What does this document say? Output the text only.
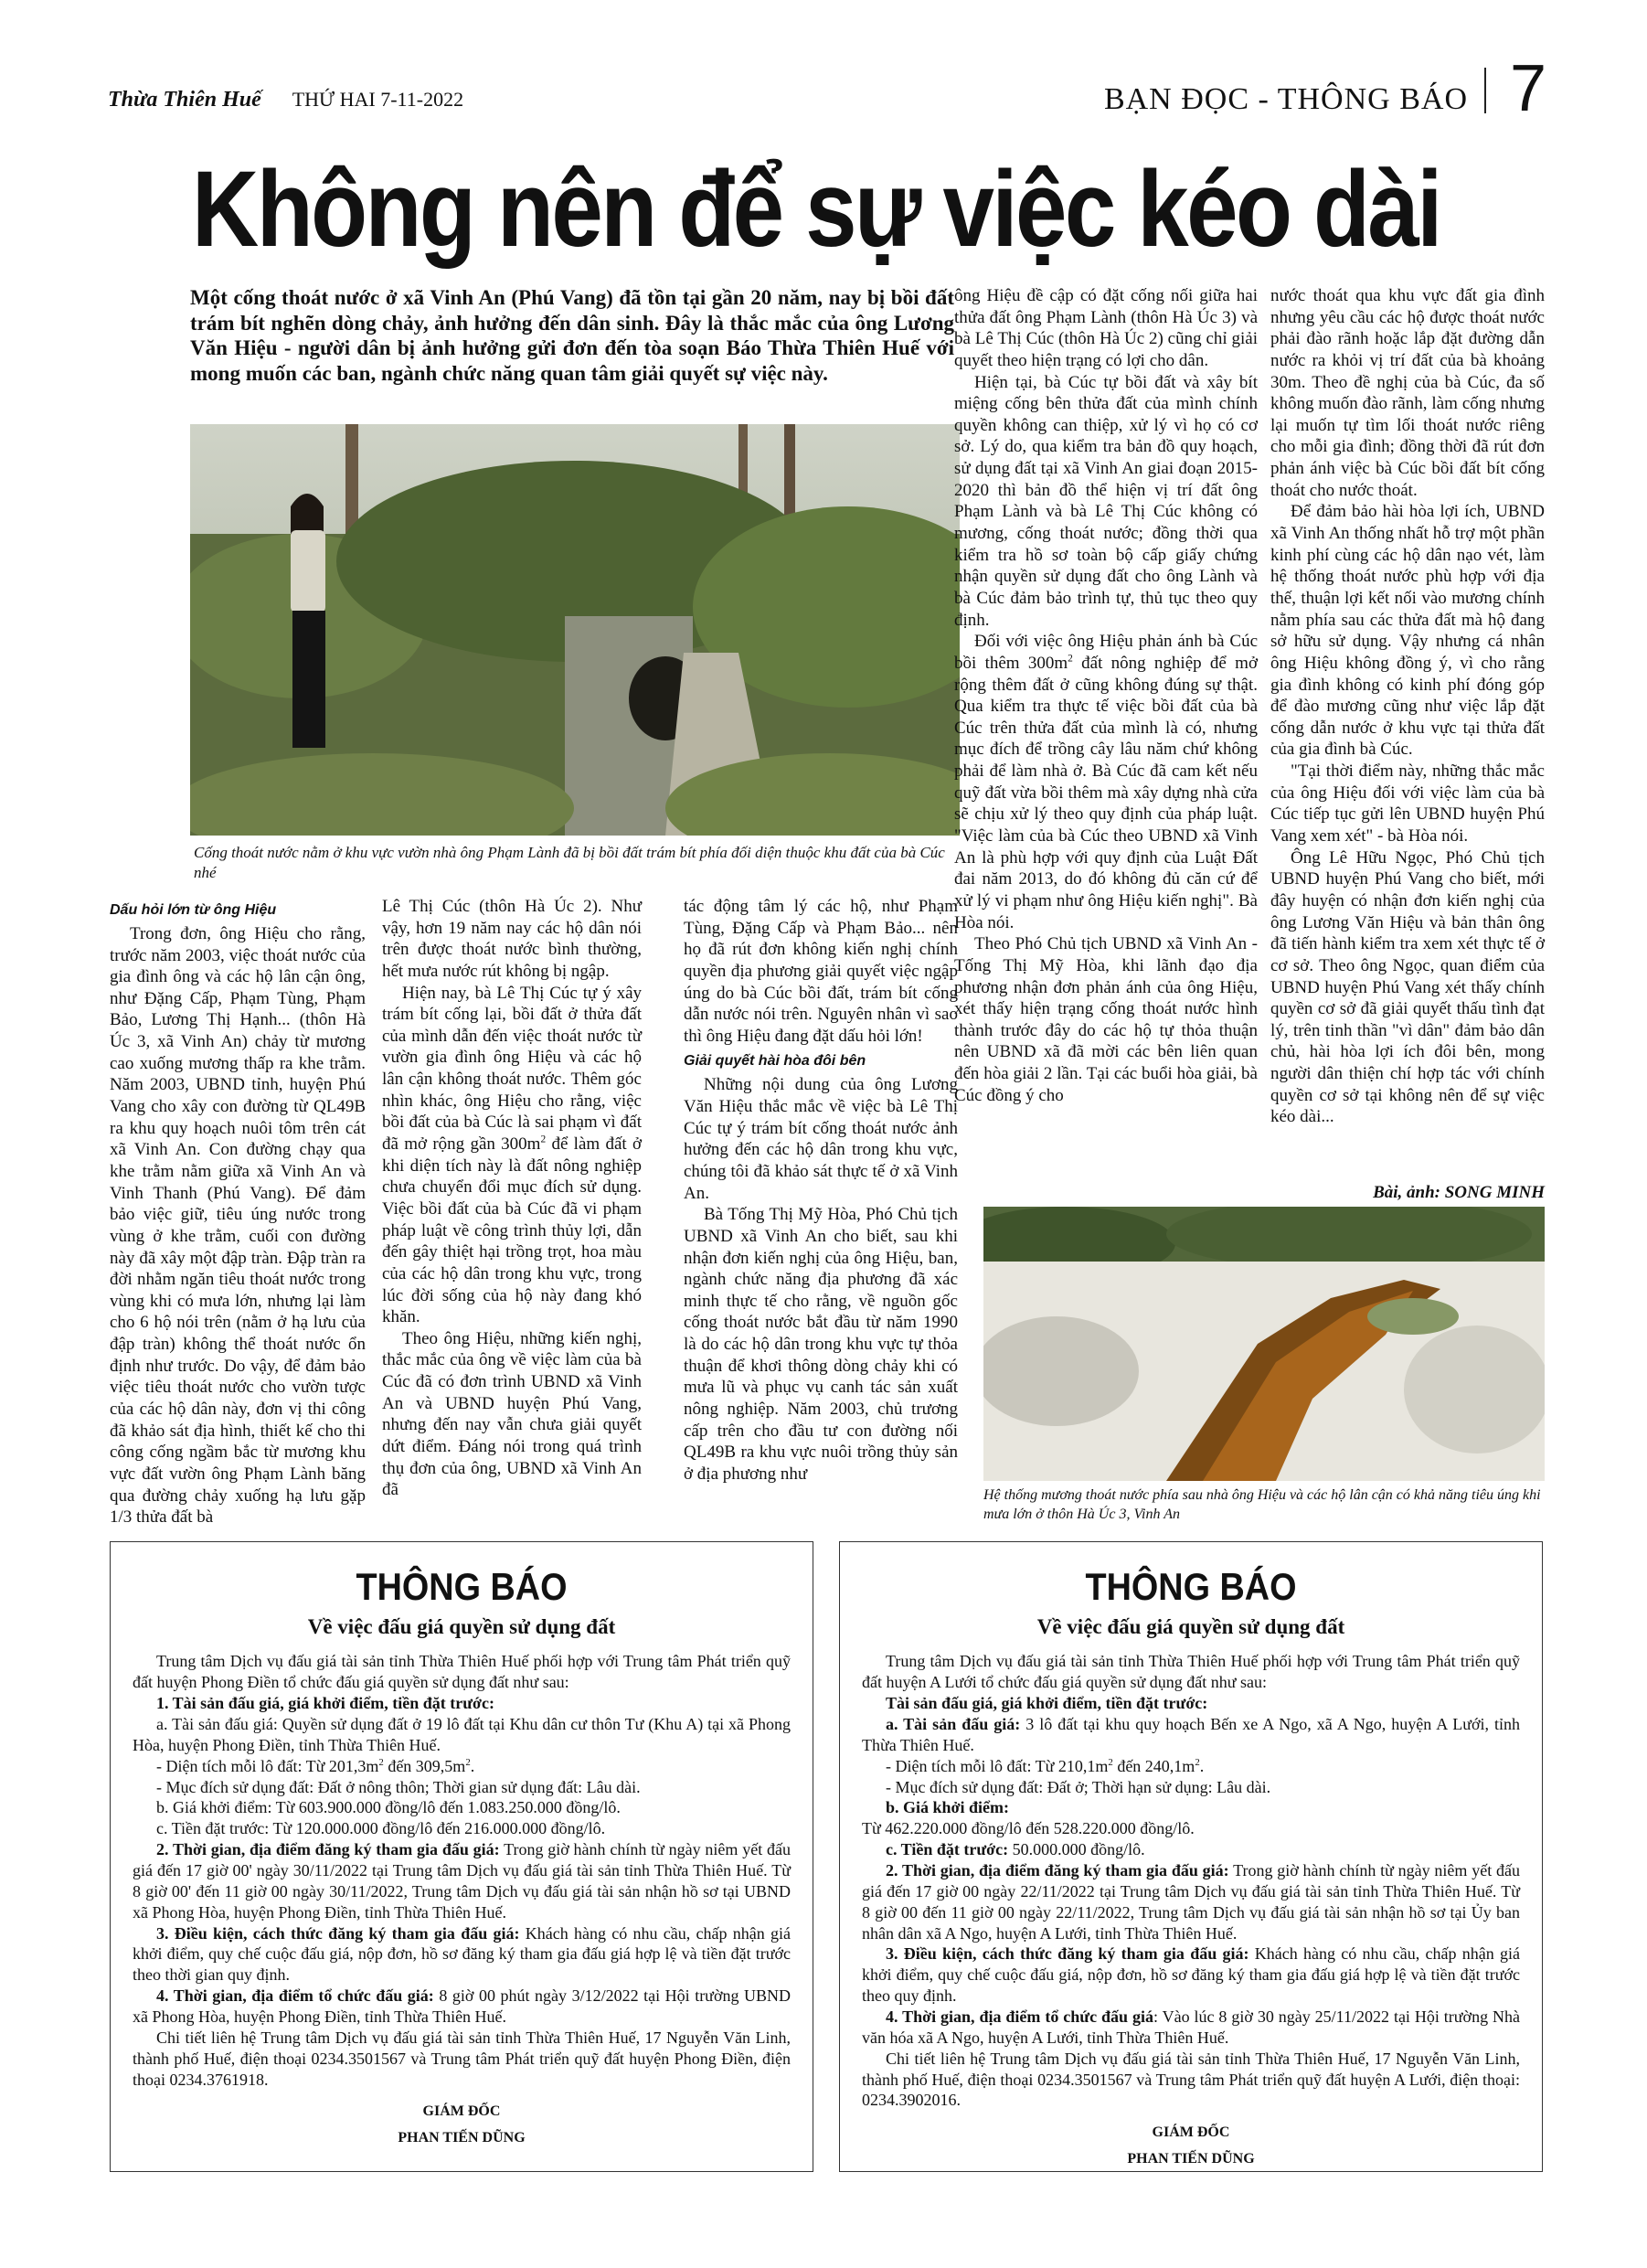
Thừa Thiên Huế THỨ HAI 7-11-2022	BẠN ĐỌC - THÔNG BÁO 7
Không nên để sự việc kéo dài
Một cống thoát nước ở xã Vinh An (Phú Vang) đã tồn tại gần 20 năm, nay bị bồi đất trám bít nghẽn dòng chảy, ảnh hưởng đến dân sinh. Đây là thắc mắc của ông Lương Văn Hiệu - người dân bị ảnh hưởng gửi đơn đến tòa soạn Báo Thừa Thiên Huế với mong muốn các ban, ngành chức năng quan tâm giải quyết sự việc này.
Cống thoát nước nằm ở khu vực vườn nhà ông Phạm Lành đã bị bồi đất trám bít phía đối diện thuộc khu đất của bà Cúc nhé
Dấu hỏi lớn từ ông Hiệu

Trong đơn, ông Hiệu cho rằng, trước năm 2003, việc thoát nước của gia đình ông và các hộ lân cận ông, như Đặng Cấp, Phạm Tùng, Phạm Bảo, Lương Thị Hạnh... (thôn Hà Úc 3, xã Vinh An) chảy từ mương cao xuống mương thấp ra khe trằm. Năm 2003, UBND tỉnh, huyện Phú Vang cho xây con đường từ QL49B ra khu quy hoạch nuôi tôm trên cát xã Vinh An. Con đường chạy qua khe trằm nằm giữa xã Vinh An và Vinh Thanh (Phú Vang). Để đảm bảo việc giữ, tiêu úng nước trong vùng ở khe trằm, cuối con đường này đã xây một đập tràn. Đập tràn ra đời nhằm ngăn tiêu thoát nước trong vùng khi có mưa lớn, nhưng lại làm cho 6 hộ nói trên (nằm ở hạ lưu của đập tràn) không thể thoát nước ổn định như trước. Do vậy, để đảm bảo việc tiêu thoát nước cho vườn tược của các hộ dân này, đơn vị thi công đã khảo sát địa hình, thiết kế cho thi công cống ngầm bắc từ mương khu vực đất vườn ông Phạm Lành băng qua đường chảy xuống hạ lưu gặp 1/3 thửa đất bà

Lê Thị Cúc (thôn Hà Úc 2). Như vậy, hơn 19 năm nay các hộ dân nói trên được thoát nước bình thường, hết mưa nước rút không bị ngập.

Hiện nay, bà Lê Thị Cúc tự ý xây trám bít cống lại, bồi đất ở thửa đất của mình dẫn đến việc thoát nước từ vườn gia đình ông Hiệu và các hộ lân cận không thoát nước. Thêm góc nhìn khác, ông Hiệu cho rằng, việc bồi đất của bà Cúc là sai phạm vì đất đã mở rộng gần $300m^2$ để làm đất ở khi diện tích này là đất nông nghiệp chưa chuyển đổi mục đích sử dụng. Việc bồi đất của bà Cúc đã vi phạm pháp luật về công trình thủy lợi, dẫn đến gây thiệt hại trồng trọt, hoa màu của các hộ dân trong khu vực, trong lúc đời sống của hộ này đang khó khăn.

Theo ông Hiệu, những kiến nghị, thắc mắc của ông về việc làm của bà Cúc đã có đơn trình UBND xã Vinh An và UBND huyện Phú Vang, nhưng đến nay vẫn chưa giải quyết dứt điểm. Đáng nói trong quá trình thụ đơn của ông, UBND xã Vinh An đã

tác động tâm lý các hộ, như Phạm Tùng, Đặng Cấp và Phạm Bảo... nên họ đã rút đơn không kiến nghị chính quyền địa phương giải quyết việc ngập úng do bà Cúc bồi đất, trám bít cống dẫn nước nói trên. Nguyên nhân vì sao thì ông Hiệu đang đặt dấu hỏi lớn!

Giải quyết hài hòa đôi bên

Những nội dung của ông Lương Văn Hiệu thắc mắc về việc bà Lê Thị Cúc tự ý trám bít cống thoát nước ảnh hưởng đến các hộ dân trong khu vực, chúng tôi đã khảo sát thực tế ở xã Vinh An.

Bà Tống Thị Mỹ Hòa, Phó Chủ tịch UBND xã Vinh An cho biết, sau khi nhận đơn kiến nghị của ông Hiệu, ban, ngành chức năng địa phương đã xác minh thực tế cho rằng, về nguồn gốc cống thoát nước bắt đầu từ năm 1990 là do các hộ dân trong khu vực tự thỏa thuận để khơi thông dòng chảy khi có mưa lũ và phục vụ canh tác sản xuất nông nghiệp. Năm 2003, chủ trương cấp trên cho đầu tư con đường nối QL49B ra khu vực nuôi trồng thủy sản ở địa phương như

ông Hiệu đề cập có đặt cống nối giữa hai thửa đất ông Phạm Lành (thôn Hà Úc 3) và bà Lê Thị Cúc (thôn Hà Úc 2) cũng chỉ giải quyết theo hiện trạng có lợi cho dân.

Hiện tại, bà Cúc tự bồi đất và xây bít miệng cống bên thửa đất của mình chính quyền không can thiệp, xử lý vì họ có cơ sở. Lý do, qua kiểm tra bản đồ quy hoạch, sử dụng đất tại xã Vinh An giai đoạn 2015-2020 thì bản đồ thể hiện vị trí đất ông Phạm Lành và bà Lê Thị Cúc không có mương, cống thoát nước; đồng thời qua kiểm tra hồ sơ toàn bộ cấp giấy chứng nhận quyền sử dụng đất cho ông Lành và bà Cúc đảm bảo trình tự, thủ tục theo quy định.

Đối với việc ông Hiệu phản ánh bà Cúc bồi thêm $300m^2$ đất nông nghiệp để mở rộng thêm đất ở cũng không đúng sự thật. Qua kiểm tra thực tế việc bồi đất của bà Cúc trên thửa đất của mình là có, nhưng mục đích để trồng cây lâu năm chứ không phải để làm nhà ở. Bà Cúc đã cam kết nếu quỹ đất vừa bồi thêm mà xây dựng nhà cửa sẽ chịu xử lý theo quy định của pháp luật. "Việc làm của bà Cúc theo UBND xã Vinh An là phù hợp với quy định của Luật Đất đai năm 2013, do đó không đủ căn cứ để xử lý vi phạm như ông Hiệu kiến nghị". Bà Hòa nói.

Theo Phó Chủ tịch UBND xã Vinh An - Tống Thị Mỹ Hòa, khi lãnh đạo địa phương nhận đơn phản ánh của ông Hiệu, xét thấy hiện trạng cống thoát nước hình thành trước đây do các hộ tự thỏa thuận nên UBND xã đã mời các bên liên quan đến hòa giải 2 lần. Tại các buổi hòa giải, bà Cúc đồng ý cho

nước thoát qua khu vực đất gia đình nhưng yêu cầu các hộ được thoát nước phải đào rãnh hoặc lắp đặt đường dẫn nước ra khỏi vị trí đất của bà khoảng 30m. Theo đề nghị của bà Cúc, đa số không muốn đào rãnh, làm cống nhưng lại muốn tự tìm lối thoát nước riêng cho mỗi gia đình; đồng thời đã rút đơn phản ánh việc bà Cúc bồi đất bít cống thoát cho nước thoát.

Để đảm bảo hài hòa lợi ích, UBND xã Vinh An thống nhất hỗ trợ một phần kinh phí cùng các hộ dân nạo vét, làm hệ thống thoát nước phù hợp với địa thế, thuận lợi kết nối vào mương chính nằm phía sau các thửa đất mà hộ đang sở hữu sử dụng. Vậy nhưng cá nhân ông Hiệu không đồng ý, vì cho rằng gia đình không có kinh phí đóng góp để đào mương cũng như việc lắp đặt cống dẫn nước ở khu vực tại thửa đất của gia đình bà Cúc.

"Tại thời điểm này, những thắc mắc của ông Hiệu đối với việc làm của bà Cúc tiếp tục gửi lên UBND huyện Phú Vang xem xét" - bà Hòa nói.

Ông Lê Hữu Ngọc, Phó Chủ tịch UBND huyện Phú Vang cho biết, mới đây huyện có nhận đơn kiến nghị của ông Lương Văn Hiệu và bản thân ông đã tiến hành kiểm tra xem xét thực tế ở cơ sở. Theo ông Ngọc, quan điểm của UBND huyện Phú Vang xét thấy chính quyền cơ sở đã giải quyết thấu tình đạt lý, trên tinh thần "vì dân" đảm bảo dân chủ, hài hòa lợi ích đôi bên, mong người dân thiện chí hợp tác với chính quyền cơ sở tại không nên để sự việc kéo dài...

Bài, ảnh: SONG MINH
Hệ thống mương thoát nước phía sau nhà ông Hiệu và các hộ lân cận có khả năng tiêu úng khi mưa lớn ở thôn Hà Úc 3, Vinh An
THÔNG BÁO
Về việc đấu giá quyền sử dụng đất

Trung tâm Dịch vụ đấu giá tài sản tỉnh Thừa Thiên Huế phối hợp với Trung tâm Phát triển quỹ đất huyện Phong Điền tổ chức đấu giá quyền sử dụng đất như sau:

1. Tài sản đấu giá, giá khởi điểm, tiền đặt trước:

a. Tài sản đấu giá: Quyền sử dụng đất ở 19 lô đất tại Khu dân cư thôn Tư (Khu A) tại xã Phong Hòa, huyện Phong Điền, tỉnh Thừa Thiên Huế.

- Diện tích mỗi lô đất: Từ $201,3m^2$ đến $309,5m^2$.

- Mục đích sử dụng đất: Đất ở nông thôn; Thời gian sử dụng đất: Lâu dài.

b. Giá khởi điểm: Từ 603.900.000 đồng/lô đến 1.083.250.000 đồng/lô.

c. Tiền đặt trước: Từ 120.000.000 đồng/lô đến 216.000.000 đồng/lô.

2. Thời gian, địa điểm đăng ký tham gia đấu giá: Trong giờ hành chính từ ngày niêm yết đấu giá đến 17 giờ 00' ngày 30/11/2022 tại Trung tâm Dịch vụ đấu giá tài sản tỉnh Thừa Thiên Huế. Từ 8 giờ 00' đến 11 giờ 00 ngày 30/11/2022, Trung tâm Dịch vụ đấu giá tài sản nhận hồ sơ tại UBND xã Phong Hòa, huyện Phong Điền, tỉnh Thừa Thiên Huế.

3. Điều kiện, cách thức đăng ký tham gia đấu giá: Khách hàng có nhu cầu, chấp nhận giá khởi điểm, quy chế cuộc đấu giá, nộp đơn, hồ sơ đăng ký tham gia đấu giá hợp lệ và tiền đặt trước theo thời gian quy định.

4. Thời gian, địa điểm tổ chức đấu giá: 8 giờ 00 phút ngày 3/12/2022 tại Hội trường UBND xã Phong Hòa, huyện Phong Điền, tỉnh Thừa Thiên Huế.

Chi tiết liên hệ Trung tâm Dịch vụ đấu giá tài sản tỉnh Thừa Thiên Huế, 17 Nguyễn Văn Linh, thành phố Huế, điện thoại 0234.3501567 và Trung tâm Phát triển quỹ đất huyện Phong Điền, điện thoại 0234.3761918.

GIÁM ĐỐC
PHAN TIẾN DŨNG
THÔNG BÁO
Về việc đấu giá quyền sử dụng đất

Trung tâm Dịch vụ đấu giá tài sản tỉnh Thừa Thiên Huế phối hợp với Trung tâm Phát triển quỹ đất huyện A Lưới tổ chức đấu giá quyền sử dụng đất như sau:

Tài sản đấu giá, giá khởi điểm, tiền đặt trước:

a. Tài sản đấu giá: 3 lô đất tại khu quy hoạch Bến xe A Ngo, xã A Ngo, huyện A Lưới, tỉnh Thừa Thiên Huế.

- Diện tích mỗi lô đất: Từ $210,1m^2$ đến $240,1m^2$.

- Mục đích sử dụng đất: Đất ở; Thời hạn sử dụng: Lâu dài.

b. Giá khởi điểm:

Từ 462.220.000 đồng/lô đến 528.220.000 đồng/lô.

c. Tiền đặt trước: 50.000.000 đồng/lô.

2. Thời gian, địa điểm đăng ký tham gia đấu giá: Trong giờ hành chính từ ngày niêm yết đấu giá đến 17 giờ 00 ngày 22/11/2022 tại Trung tâm Dịch vụ đấu giá tài sản tỉnh Thừa Thiên Huế. Từ 8 giờ 00 đến 11 giờ 00 ngày 22/11/2022, Trung tâm Dịch vụ đấu giá tài sản nhận hồ sơ tại Ủy ban nhân dân xã A Ngo, huyện A Lưới, tỉnh Thừa Thiên Huế.

3. Điều kiện, cách thức đăng ký tham gia đấu giá: Khách hàng có nhu cầu, chấp nhận giá khởi điểm, quy chế cuộc đấu giá, nộp đơn, hồ sơ đăng ký tham gia đấu giá hợp lệ và tiền đặt trước theo quy định.

4. Thời gian, địa điểm tổ chức đấu giá: Vào lúc 8 giờ 30 ngày 25/11/2022 tại Hội trường Nhà văn hóa xã A Ngo, huyện A Lưới, tỉnh Thừa Thiên Huế.

Chi tiết liên hệ Trung tâm Dịch vụ đấu giá tài sản tỉnh Thừa Thiên Huế, 17 Nguyễn Văn Linh, thành phố Huế, điện thoại 0234.3501567 và Trung tâm Phát triển quỹ đất huyện A Lưới, điện thoại: 0234.3902016.

GIÁM ĐỐC
PHAN TIẾN DŨNG
